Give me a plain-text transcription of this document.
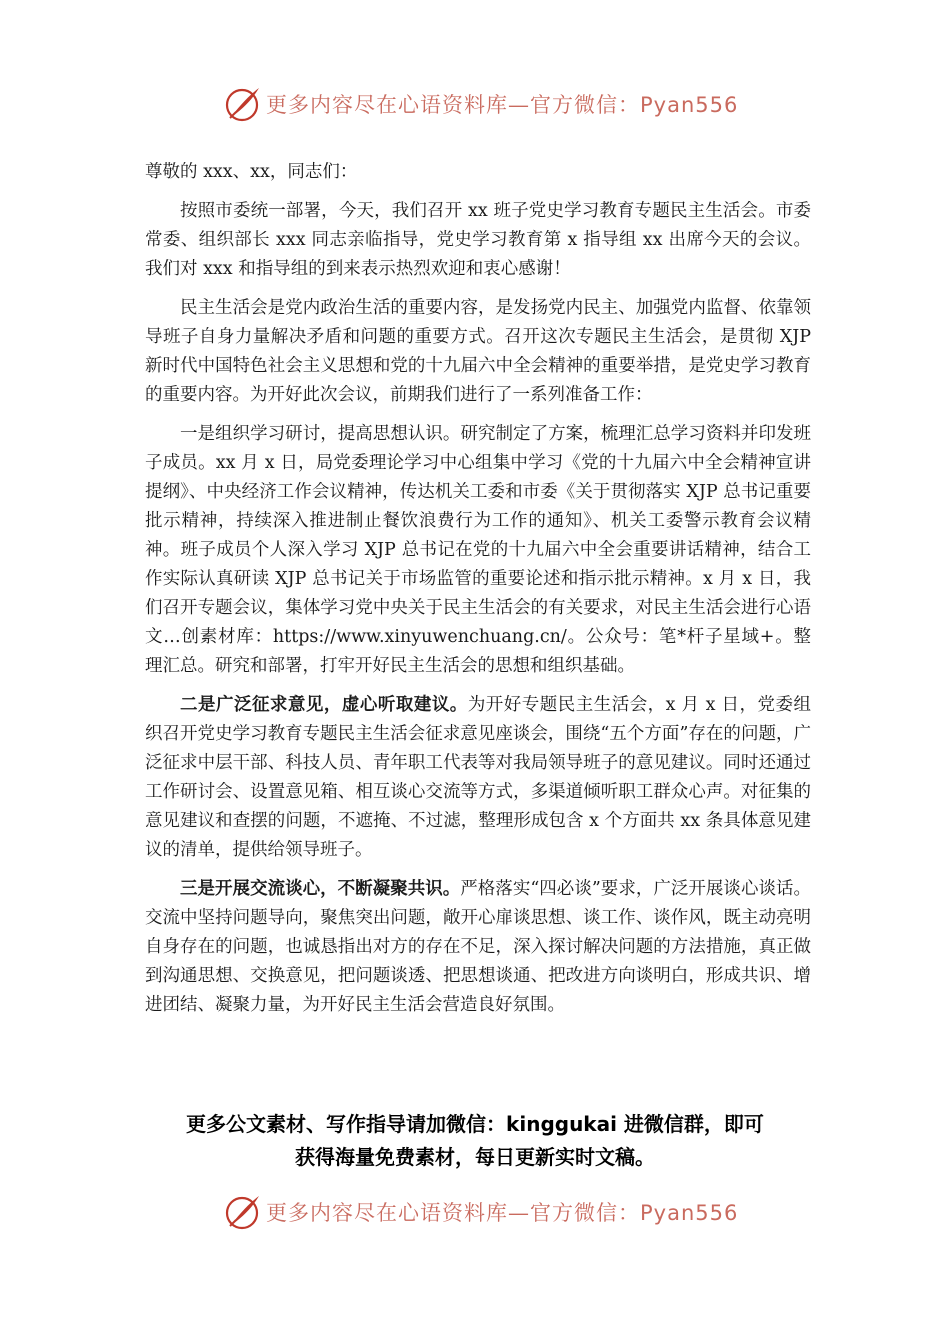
更多内容尽在心语资料库—官方微信：Pyan556
尊敬的 xxx、xx，同志们：
按照市委统一部署，今天，我们召开 xx 班子党史学习教育专题民主生活会。市委常委、组织部长 xxx 同志亲临指导，党史学习教育第 x 指导组 xx 出席今天的会议。我们对 xxx 和指导组的到来表示热烈欢迎和衷心感谢！
民主生活会是党内政治生活的重要内容，是发扬党内民主、加强党内监督、依靠领导班子自身力量解决矛盾和问题的重要方式。召开这次专题民主生活会，是贯彻 XJP 新时代中国特色社会主义思想和党的十九届六中全会精神的重要举措，是党史学习教育的重要内容。为开好此次会议，前期我们进行了一系列准备工作：
一是组织学习研讨，提高思想认识。研究制定了方案，梳理汇总学习资料并印发班子成员。xx 月 x 日，局党委理论学习中心组集中学习《党的十九届六中全会精神宣讲提纲》、中央经济工作会议精神，传达机关工委和市委《关于贯彻落实 XJP 总书记重要批示精神，持续深入推进制止餐饮浪费行为工作的通知》、机关工委警示教育会议精神。班子成员个人深入学习 XJP 总书记在党的十九届六中全会重要讲话精神，结合工作实际认真研读 XJP 总书记关于市场监管的重要论述和指示批示精神。x 月 x 日，我们召开专题会议，集体学习党中央关于民主生活会的有关要求，对民主生活会进行心语文…创素材库：https://www.xinyuwenchuang.cn/。公众号：笔*杆子星域+。整理汇总。研究和部署，打牢开好民主生活会的思想和组织基础。
二是广泛征求意见，虚心听取建议。为开好专题民主生活会，x 月 x 日，党委组织召开党史学习教育专题民主生活会征求意见座谈会，围绕“五个方面”存在的问题，广泛征求中层干部、科技人员、青年职工代表等对我局领导班子的意见建议。同时还通过工作研讨会、设置意见箱、相互谈心交流等方式，多渠道倾听职工群众心声。对征集的意见建议和查摆的问题，不遮掩、不过滤，整理形成包含 x 个方面共 xx 条具体意见建议的清单，提供给领导班子。
三是开展交流谈心，不断凝聚共识。严格落实“四必谈”要求，广泛开展谈心谈话。交流中坚持问题导向，聚焦突出问题，敞开心扉谈思想、谈工作、谈作风，既主动亮明自身存在的问题，也诚恳指出对方的存在不足，深入探讨解决问题的方法措施，真正做到沟通思想、交换意见，把问题谈透、把思想谈通、把改进方向谈明白，形成共识、增进团结、凝聚力量，为开好民主生活会营造良好氛围。
更多公文素材、写作指导请加微信：kinggukai 进微信群，即可
获得海量免费素材，每日更新实时文稿。
更多内容尽在心语资料库—官方微信：Pyan556
